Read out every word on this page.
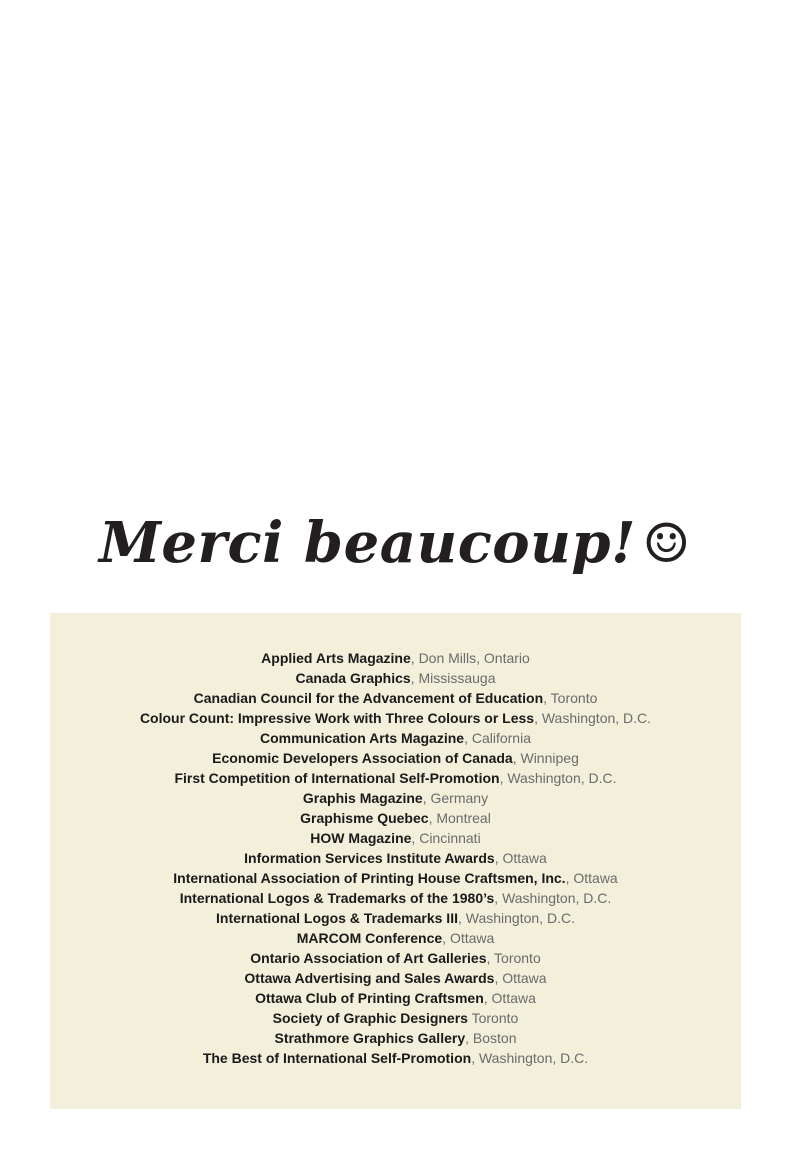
Merci beaucoup! ☺
Applied Arts Magazine, Don Mills, Ontario
Canada Graphics, Mississauga
Canadian Council for the Advancement of Education, Toronto
Colour Count: Impressive Work with Three Colours or Less, Washington, D.C.
Communication Arts Magazine, California
Economic Developers Association of Canada, Winnipeg
First Competition of International Self-Promotion, Washington, D.C.
Graphis Magazine, Germany
Graphisme Quebec, Montreal
HOW Magazine, Cincinnati
Information Services Institute Awards, Ottawa
International Association of Printing House Craftsmen, Inc., Ottawa
International Logos & Trademarks of the 1980’s, Washington, D.C.
International Logos & Trademarks III, Washington, D.C.
MARCOM Conference, Ottawa
Ontario Association of Art Galleries, Toronto
Ottawa Advertising and Sales Awards, Ottawa
Ottawa Club of Printing Craftsmen, Ottawa
Society of Graphic Designers Toronto
Strathmore Graphics Gallery, Boston
The Best of International Self-Promotion, Washington, D.C.
